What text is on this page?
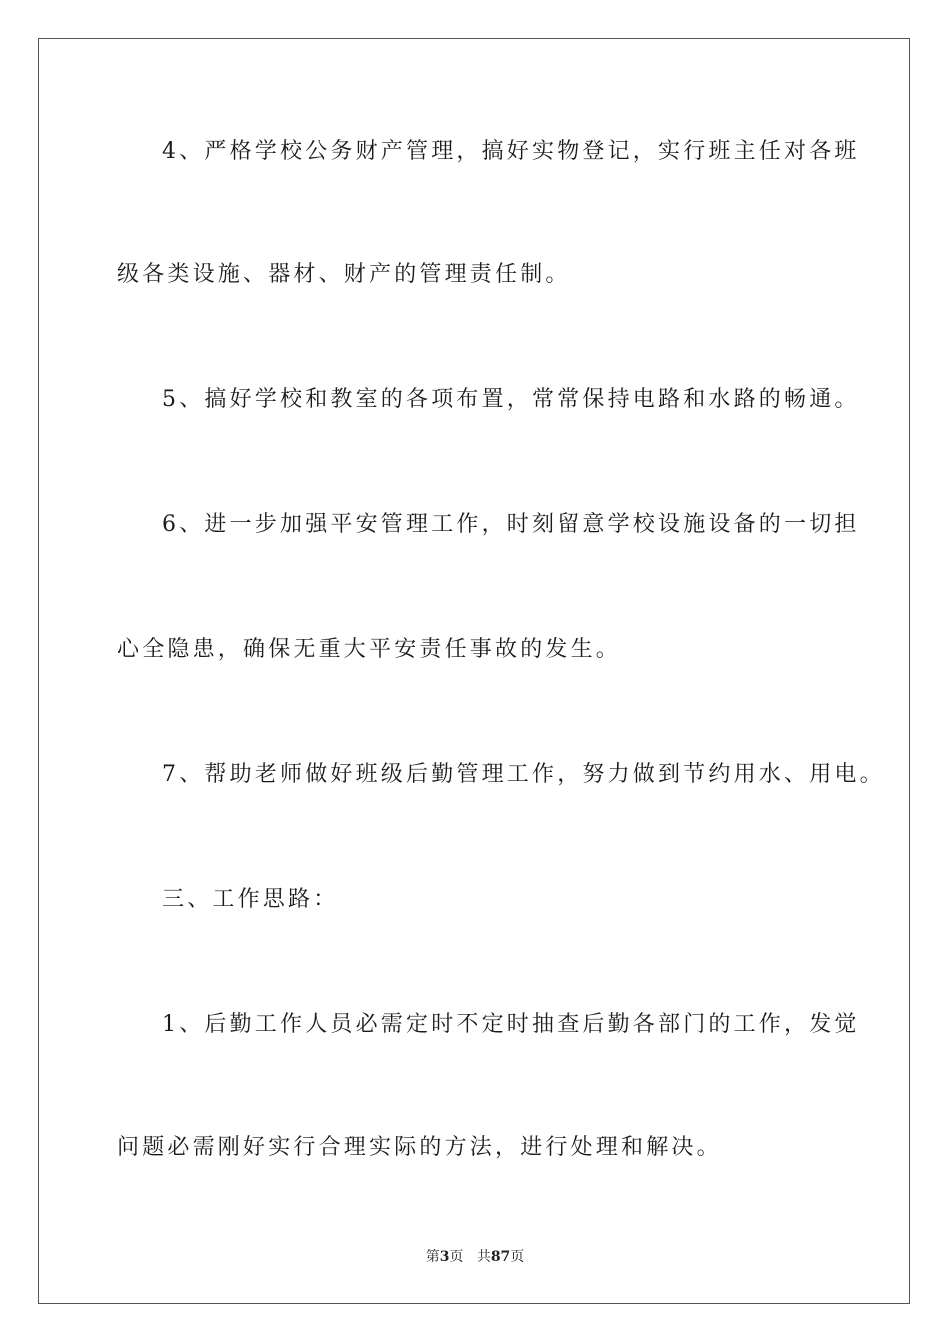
4、严格学校公务财产管理，搞好实物登记，实行班主任对各班
级各类设施、器材、财产的管理责任制。
5、搞好学校和教室的各项布置，常常保持电路和水路的畅通。
6、进一步加强平安管理工作，时刻留意学校设施设备的一切担
心全隐患，确保无重大平安责任事故的发生。
7、帮助老师做好班级后勤管理工作，努力做到节约用水、用电。
三、工作思路：
1、后勤工作人员必需定时不定时抽查后勤各部门的工作，发觉
问题必需刚好实行合理实际的方法，进行处理和解决。
第3页 共87页
